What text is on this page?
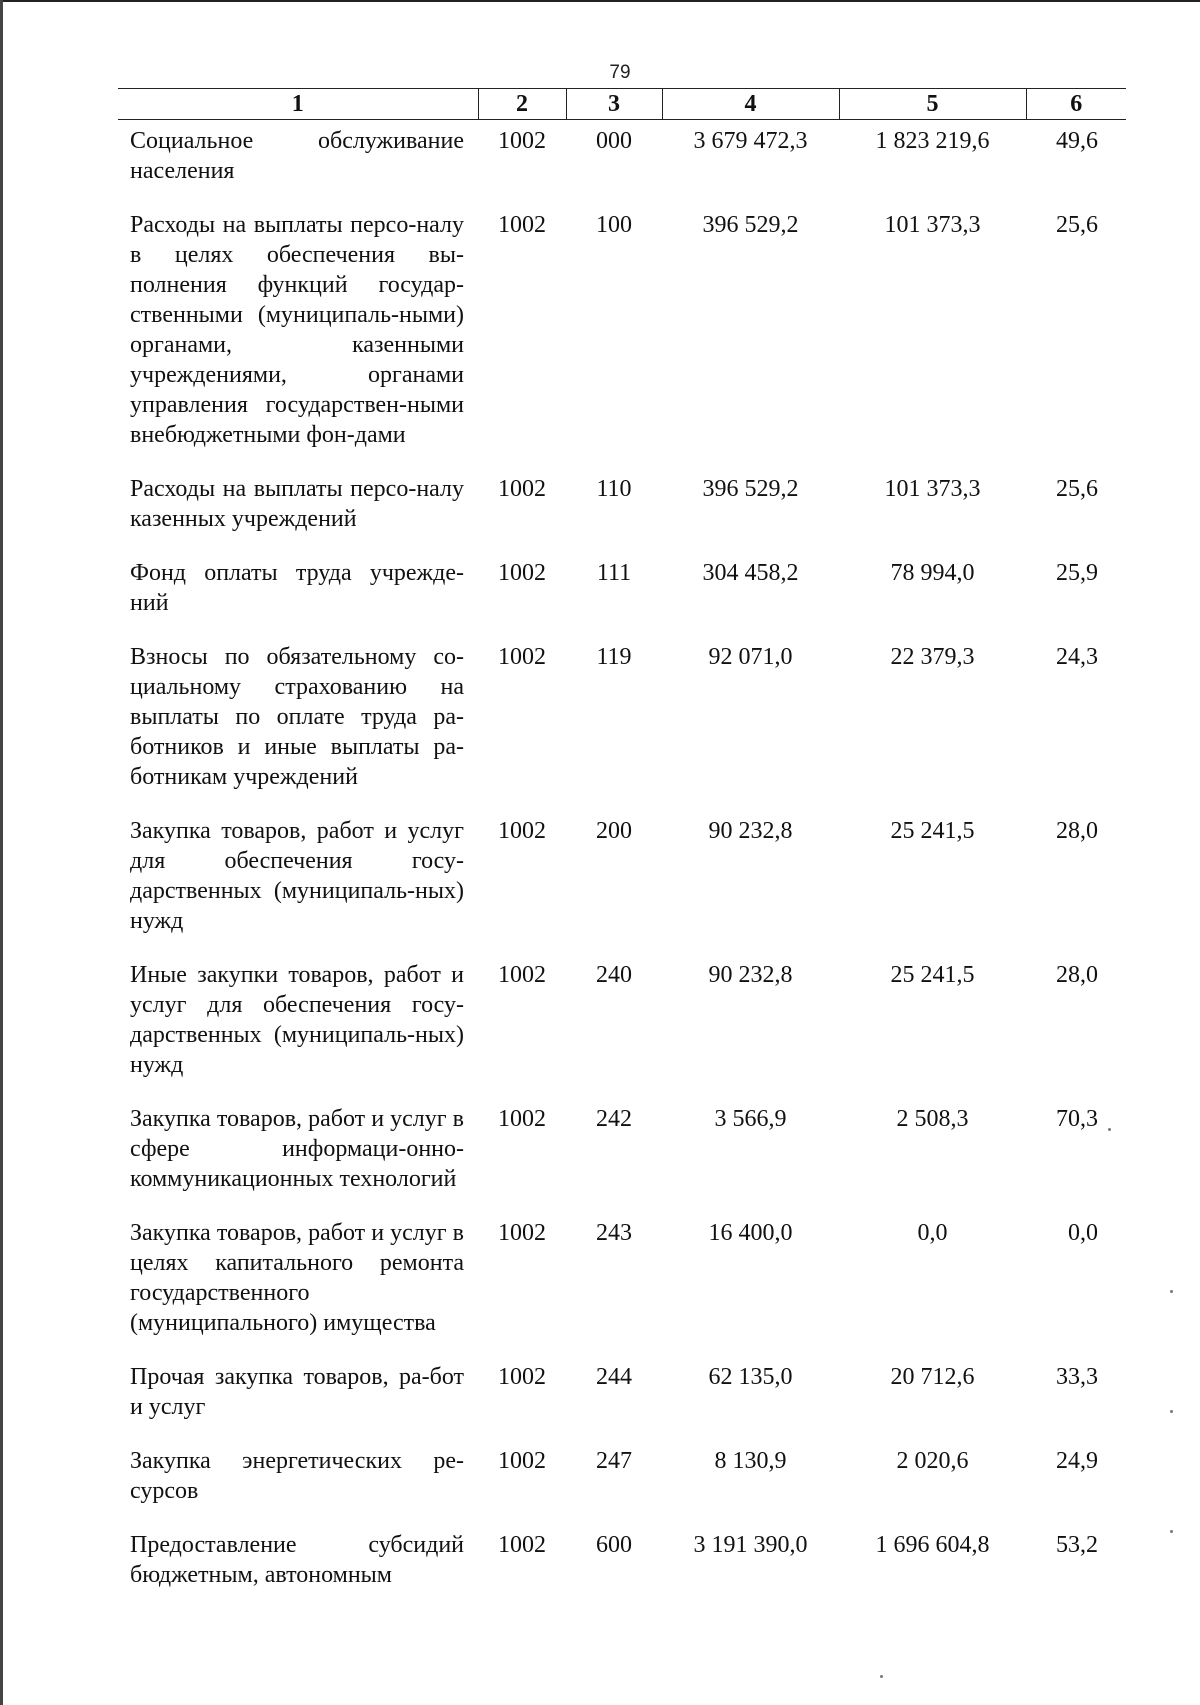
79
1	2	3	4	5	6
Социальное обслуживание населения	1002	000	3 679 472,3	1 823 219,6	49,6
Расходы на выплаты персо-налу в целях обеспечения вы-полнения функций государ-ственными (муниципаль-ными) органами, казенными учреждениями, органами управления государствен-ными внебюджетными фон-дами	1002	100	396 529,2	101 373,3	25,6
Расходы на выплаты персо-налу казенных учреждений	1002	110	396 529,2	101 373,3	25,6
Фонд оплаты труда учрежде-ний	1002	111	304 458,2	78 994,0	25,9
Взносы по обязательному со-циальному страхованию на выплаты по оплате труда ра-ботников и иные выплаты ра-ботникам учреждений	1002	119	92 071,0	22 379,3	24,3
Закупка товаров, работ и услуг для обеспечения госу-дарственных (муниципаль-ных) нужд	1002	200	90 232,8	25 241,5	28,0
Иные закупки товаров, работ и услуг для обеспечения госу-дарственных (муниципаль-ных) нужд	1002	240	90 232,8	25 241,5	28,0
Закупка товаров, работ и услуг в сфере информаци-онно-коммуникационных технологий	1002	242	3 566,9	2 508,3	70,3
Закупка товаров, работ и услуг в целях капитального ремонта государственного (муниципального) имущества	1002	243	16 400,0	0,0	0,0
Прочая закупка товаров, ра-бот и услуг	1002	244	62 135,0	20 712,6	33,3
Закупка энергетических ре-сурсов	1002	247	8 130,9	2 020,6	24,9
Предоставление субсидий бюджетным, автономным	1002	600	3 191 390,0	1 696 604,8	53,2
